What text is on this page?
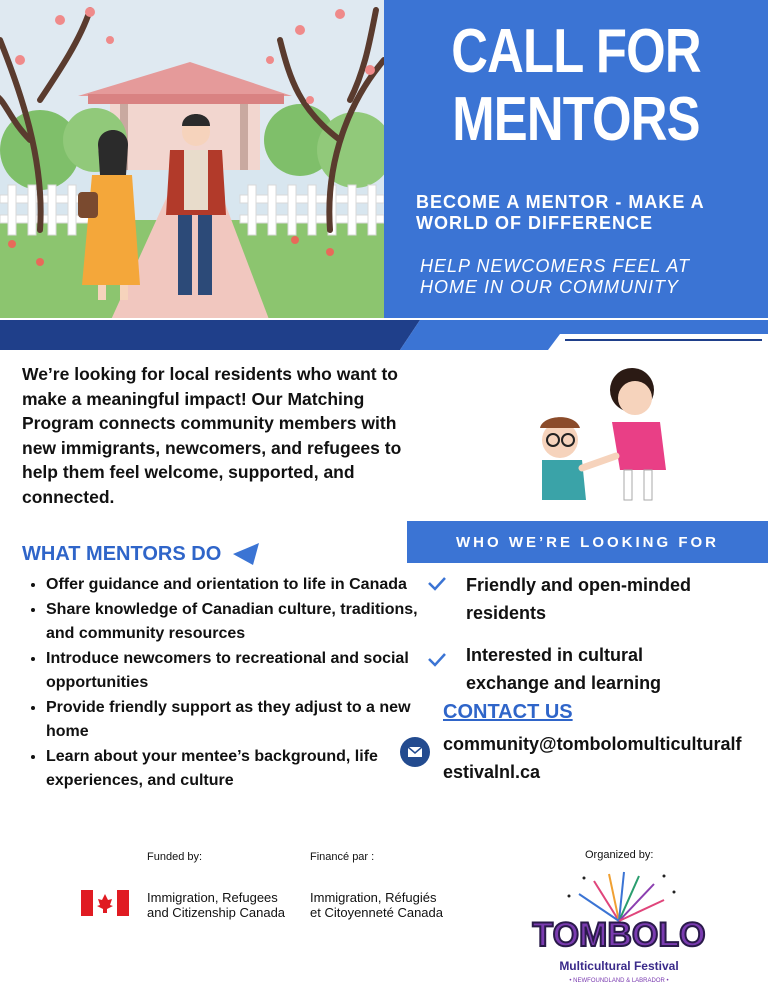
CALL FOR
MENTORS
BECOME A MENTOR - MAKE A WORLD OF DIFFERENCE
HELP NEWCOMERS FEEL AT HOME IN OUR COMMUNITY
We’re looking for local residents who want to make a meaningful impact! Our Matching Program connects community members with new immigrants, newcomers, and refugees to help them feel welcome, supported, and connected.
WHAT MENTORS DO
• Offer guidance and orientation to life in Canada
• Share knowledge of Canadian culture, traditions, and community resources
• Introduce newcomers to recreational and social opportunities
• Provide friendly support as they adjust to a new home
• Learn about your mentee’s background, life experiences, and culture
WHO WE’RE LOOKING FOR
Friendly and open-minded residents
Interested in cultural exchange and learning
CONTACT US
community@tombolomulticulturalfestivalnl.ca
Funded by:	Financé par :
Immigration, Refugees
and Citizenship Canada
Immigration, Réfugiés
et Citoyenneté Canada
Organized by:
TOMBOLO
Multicultural Festival
• NEWFOUNDLAND & LABRADOR •
